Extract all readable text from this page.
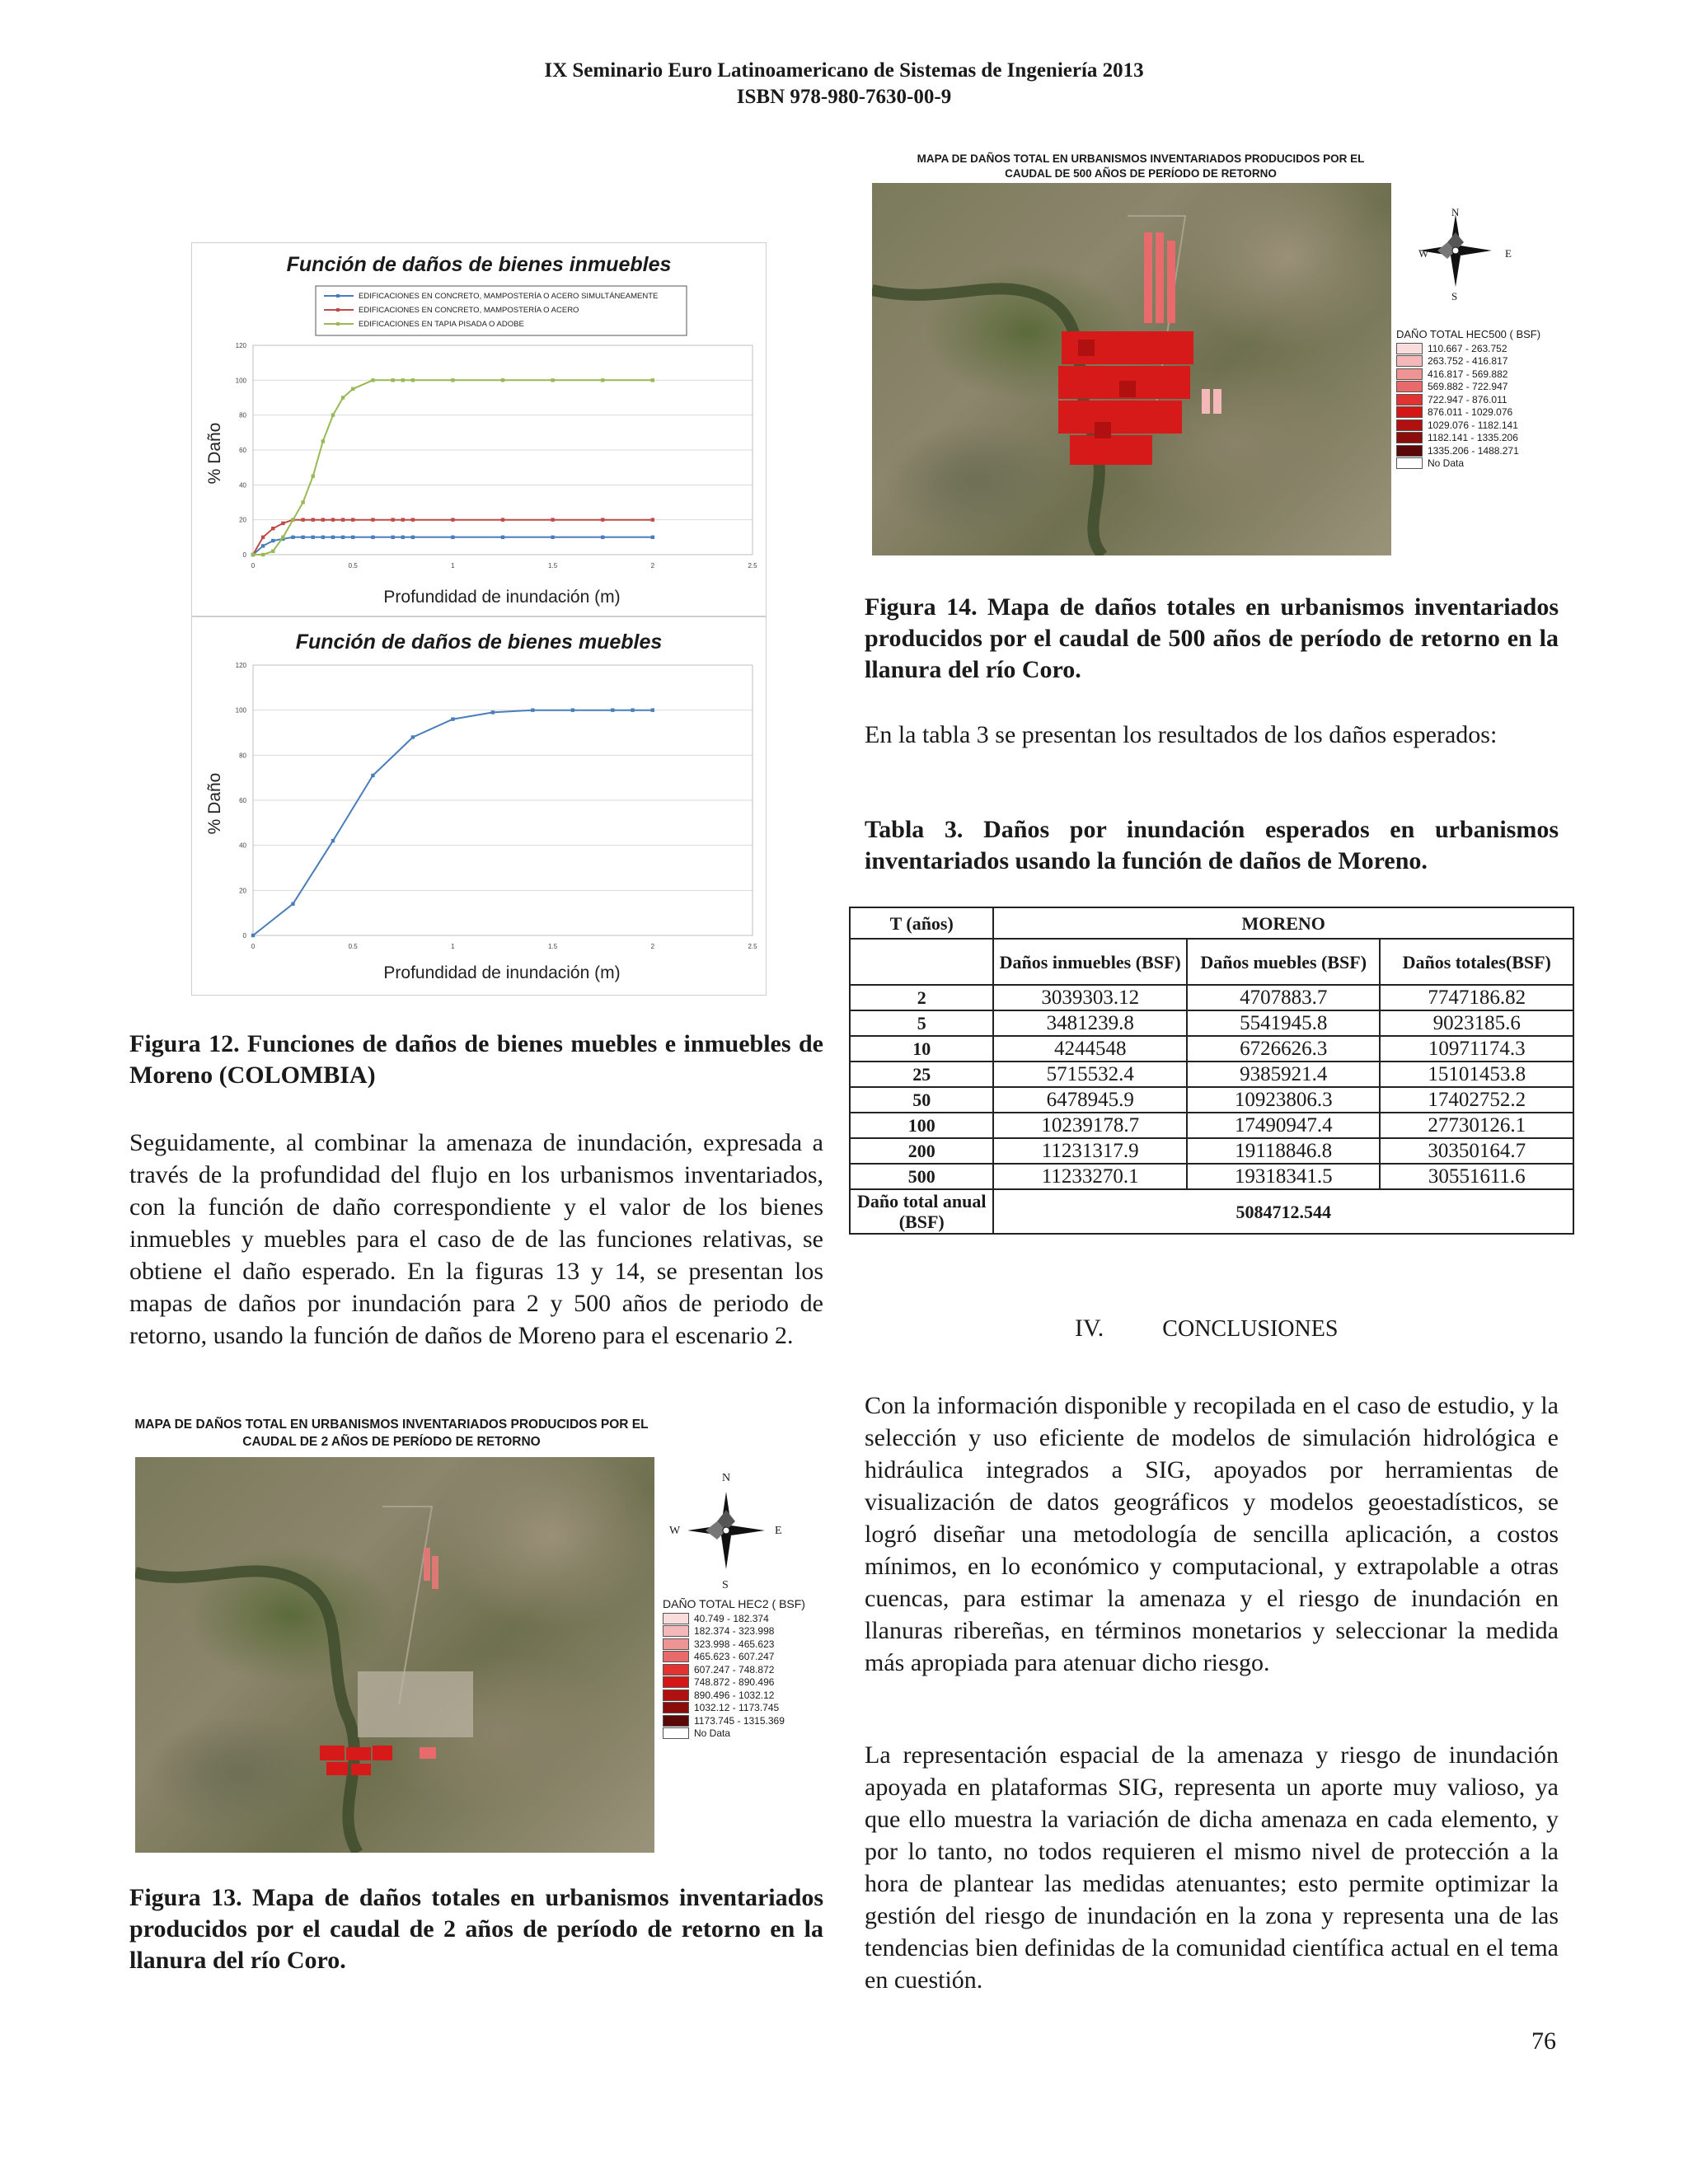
IX Seminario Euro Latinoamericano de Sistemas de Ingeniería 2013
ISBN 978-980-7630-00-9
Función de daños de bienes inmuebles
EDIFICACIONES EN CONCRETO, MAMPOSTERÍA O ACERO SIMULTÁNEAMENTE
EDIFICACIONES EN CONCRETO, MAMPOSTERÍA O ACERO
EDIFICACIONES EN TAPIA PISADA O ADOBE
0
20
40
60
80
100
120
0	0.5	1	1.5	2	2.5
Profundidad de inundación (m)
% Daño
Función de daños de bienes muebles
0
20
40
60
80
100
120
0	0.5	1	1.5	2	2.5
Profundidad de inundación (m)
% Daño
Figura 12. Funciones de daños de bienes muebles e inmuebles de Moreno (COLOMBIA)
Seguidamente, al combinar la amenaza de inundación, expresada a través de la profundidad del flujo en los urbanismos inventariados, con la función de daño correspondiente y el valor de los bienes inmuebles y muebles para el caso de de las funciones relativas, se obtiene el daño esperado. En la figuras 13 y 14, se presentan los mapas de daños por inundación para 2 y 500 años de periodo de retorno, usando la función de daños de Moreno para el escenario 2.
MAPA DE DAÑOS TOTAL EN URBANISMOS INVENTARIADOS PRODUCIDOS POR EL
CAUDAL DE 2 AÑOS DE PERÍODO DE RETORNO
N
S
E
W
DAÑO TOTAL HEC2 ( BSF)
40.749 - 182.374
182.374 - 323.998
323.998 - 465.623
465.623 - 607.247
607.247 - 748.872
748.872 - 890.496
890.496 - 1032.12
1032.12 - 1173.745
1173.745 - 1315.369
No Data
Figura 13. Mapa de daños totales en urbanismos inventariados producidos por el caudal de 2 años de período de retorno en la llanura del río Coro.
MAPA DE DAÑOS TOTAL EN URBANISMOS INVENTARIADOS PRODUCIDOS POR EL
CAUDAL DE 500 AÑOS DE PERÍODO DE RETORNO
N
S
E
W
DAÑO TOTAL HEC500 ( BSF)
110.667 - 263.752
263.752 - 416.817
416.817 - 569.882
569.882 - 722.947
722.947 - 876.011
876.011 - 1029.076
1029.076 - 1182.141
1182.141 - 1335.206
1335.206 - 1488.271
No Data
Figura 14. Mapa de daños totales en urbanismos inventariados producidos por el caudal de 500 años de período de retorno en la llanura del río Coro.
En la tabla 3 se presentan los resultados de los daños esperados:
Tabla 3. Daños por inundación esperados en urbanismos inventariados usando la función de daños de Moreno.
T (años)	MORENO		
	Daños inmuebles (BSF)	Daños muebles (BSF)	Daños totales(BSF)
2	3039303.12	4707883.7	7747186.82
5	3481239.8	5541945.8	9023185.6
10	4244548	6726626.3	10971174.3
25	5715532.4	9385921.4	15101453.8
50	6478945.9	10923806.3	17402752.2
100	10239178.7	17490947.4	27730126.1
200	11231317.9	19118846.8	30350164.7
500	11233270.1	19318341.5	30551611.6
Daño total anual (BSF)	5084712.544		
IV.	CONCLUSIONES
Con la información disponible y recopilada en el caso de estudio, y la selección y uso eficiente de modelos de simulación hidrológica e hidráulica integrados a SIG, apoyados por herramientas de visualización de datos geográficos y modelos geoestadísticos, se logró diseñar una metodología de sencilla aplicación, a costos mínimos, en lo económico y computacional, y extrapolable a otras cuencas, para estimar la amenaza y el riesgo de inundación en llanuras ribereñas, en términos monetarios y seleccionar la medida más apropiada para atenuar dicho riesgo.
La representación espacial de la amenaza y riesgo de inundación apoyada en plataformas SIG, representa un aporte muy valioso, ya que ello muestra la variación de dicha amenaza en cada elemento, y por lo tanto, no todos requieren el mismo nivel de protección a la hora de plantear las medidas atenuantes; esto permite optimizar la gestión del riesgo de inundación en la zona y representa una de las tendencias bien definidas de la comunidad científica actual en el tema en cuestión.
76
